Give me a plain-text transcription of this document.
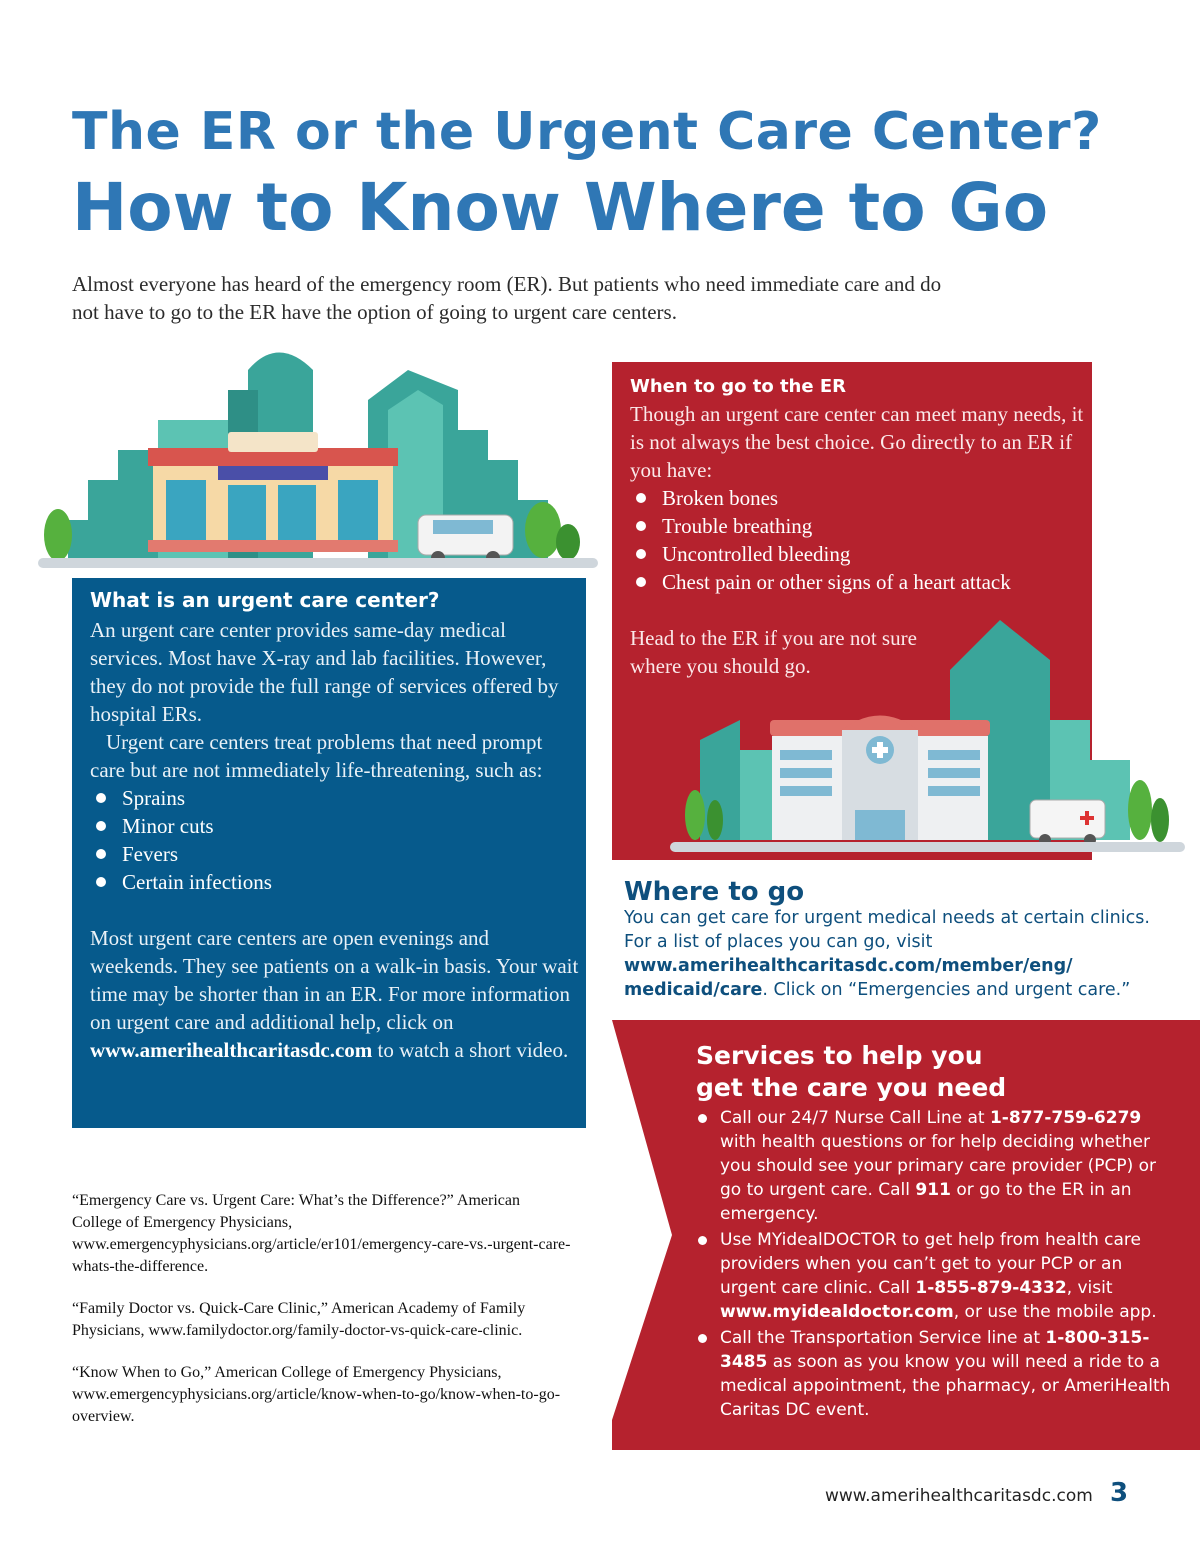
The ER or the Urgent Care Center?
How to Know Where to Go
Almost everyone has heard of the emergency room (ER). But patients who need immediate care and do not have to go to the ER have the option of going to urgent care centers.
What is an urgent care center?

An urgent care center provides same-day medical services. Most have X-ray and lab facilities. However, they do not provide the full range of services offered by hospital ERs.

Urgent care centers treat problems that need prompt care but are not immediately life-threatening, such as:

Sprains
Minor cuts
Fevers
Certain infections

Most urgent care centers are open evenings and weekends. They see patients on a walk-in basis. Your wait time may be shorter than in an ER. For more information on urgent care and additional help, click on www.amerihealthcaritasdc.com to watch a short video.

When to go to the ER

Though an urgent care center can meet many needs, it is not always the best choice. Go directly to an ER if you have:

Broken bones
Trouble breathing
Uncontrolled bleeding
Chest pain or other signs of a heart attack

Head to the ER if you are not sure where you should go.

Where to go
You can get care for urgent medical needs at certain clinics. For a list of places you can go, visit www.amerihealthcaritasdc.com/member/eng/ medicaid/care. Click on “Emergencies and urgent care.”
Services to help you
get the care you need
Call our 24/7 Nurse Call Line at 1-877-759-6279 with health questions or for help deciding whether you should see your primary care provider (PCP) or go to urgent care. Call 911 or go to the ER in an emergency.
Use MYidealDOCTOR to get help from health care providers when you can’t get to your PCP or an urgent care clinic. Call 1-855-879-4332, visit www.myidealdoctor.com, or use the mobile app.
Call the Transportation Service line at 1-800-315-3485 as soon as you know you will need a ride to a medical appointment, the pharmacy, or AmeriHealth Caritas DC event.

“Emergency Care vs. Urgent Care: What’s the Difference?” American College of Emergency Physicians, www.emergencyphysicians.org/article/er101/emergency-care-vs.-urgent-care-whats-the-difference.

“Family Doctor vs. Quick-Care Clinic,” American Academy of Family Physicians, www.familydoctor.org/family-doctor-vs-quick-care-clinic.

“Know When to Go,” American College of Emergency Physicians, www.emergencyphysicians.org/article/know-when-to-go/know-when-to-go-overview.

www.amerihealthcaritasdc.com 3
